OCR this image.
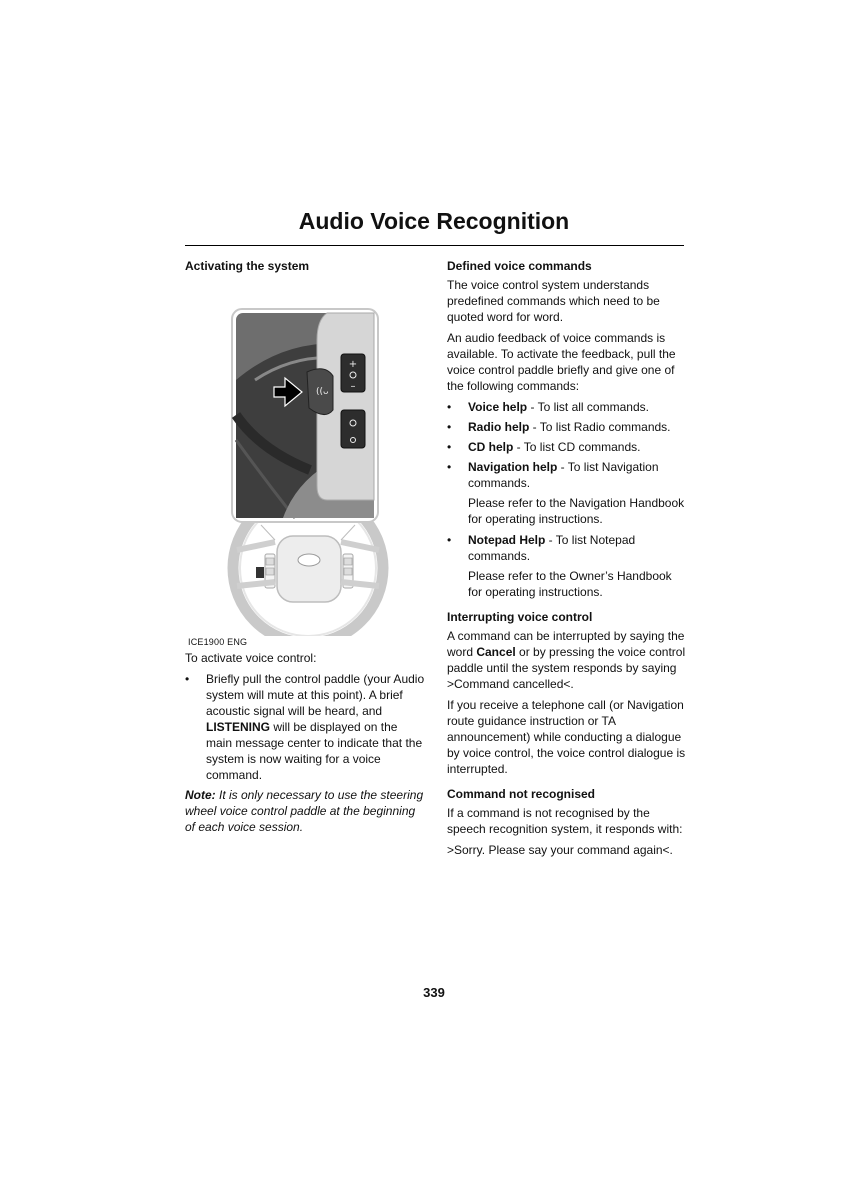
Audio Voice Recognition
Activating the system
+
–
((ᴗ
ICE1900 ENG

To activate voice control:

• Briefly pull the control paddle (your Audio system will mute at this point). A brief acoustic signal will be heard, and LISTENING will be displayed on the main message center to indicate that the system is now waiting for a voice command.

Note: It is only necessary to use the steering wheel voice control paddle at the beginning of each voice session.

Defined voice commands

The voice control system understands predefined commands which need to be quoted word for word.

An audio feedback of voice commands is available. To activate the feedback, pull the voice control paddle briefly and give one of the following commands:

• Voice help - To list all commands.
• Radio help - To list Radio commands.
• CD help - To list CD commands.
• Navigation help - To list Navigation commands.

Please refer to the Navigation Handbook for operating instructions.

• Notepad Help - To list Notepad commands.

Please refer to the Owner’s Handbook for operating instructions.

Interrupting voice control

A command can be interrupted by saying the word Cancel or by pressing the voice control paddle until the system responds by saying >Command cancelled<.

If you receive a telephone call (or Navigation route guidance instruction or TA announcement) while conducting a dialogue by voice control, the voice control dialogue is interrupted.

Command not recognised

If a command is not recognised by the speech recognition system, it responds with:

>Sorry. Please say your command again<.

339
